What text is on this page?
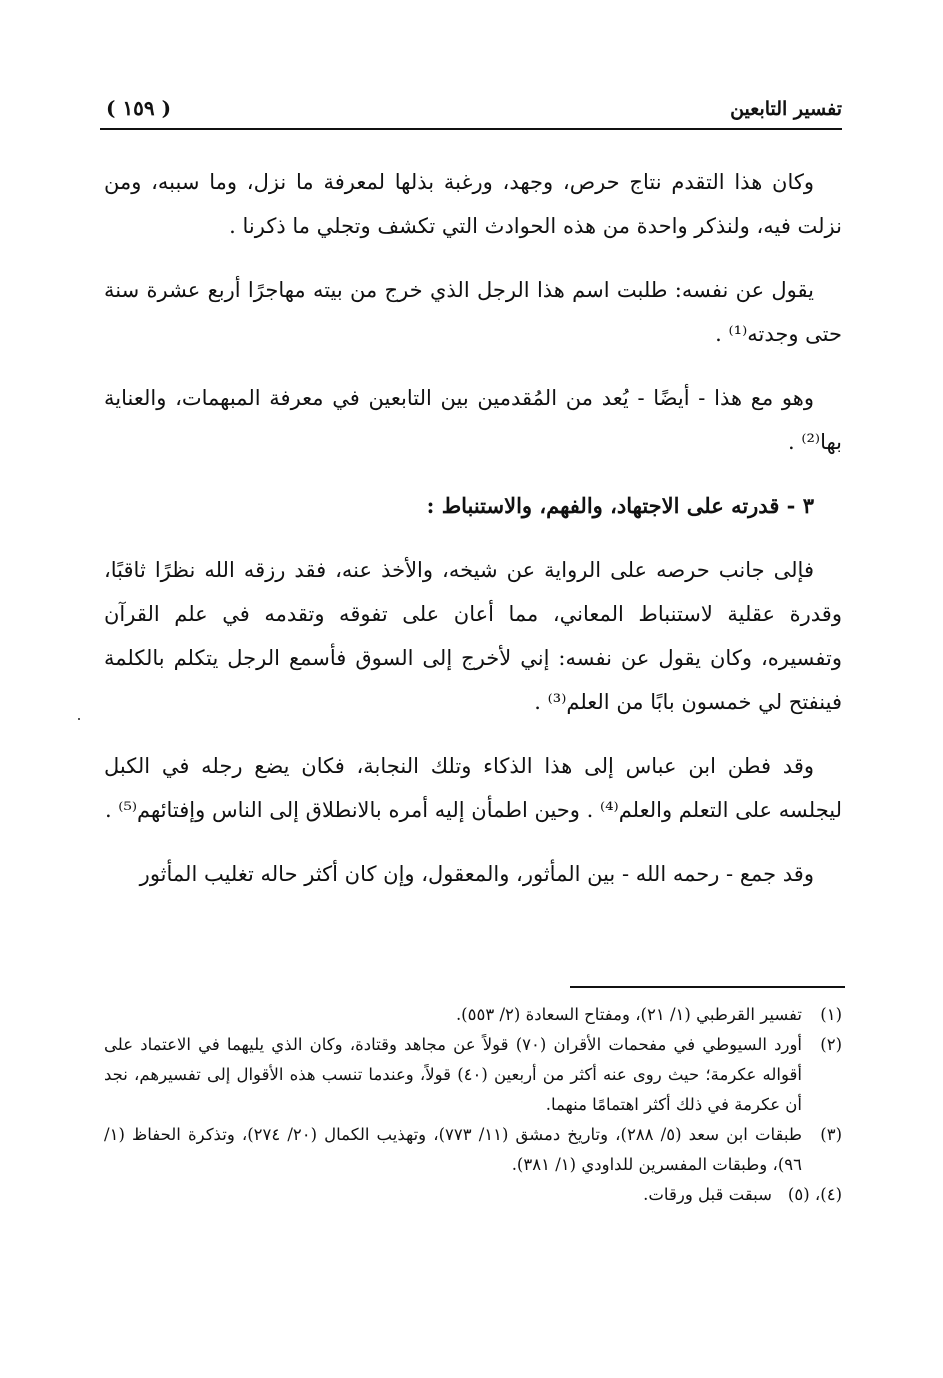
تفسير التابعين
( ١٥٩ )

وكان هذا التقدم نتاج حرص، وجهد، ورغبة بذلها لمعرفة ما نزل، وما سببه، ومن نزلت فيه، ولنذكر واحدة من هذه الحوادث التي تكشف وتجلي ما ذكرنا .

يقول عن نفسه: طلبت اسم هذا الرجل الذي خرج من بيته مهاجرًا أربع عشرة سنة حتى وجدته⁽¹⁾ .

وهو مع هذا - أيضًا - يُعد من المُقدمين بين التابعين في معرفة المبهمات، والعناية بها⁽²⁾ .

٣ - قدرته على الاجتهاد، والفهم، والاستنباط :

فإلى جانب حرصه على الرواية عن شيخه، والأخذ عنه، فقد رزقه الله نظرًا ثاقبًا، وقدرة عقلية لاستنباط المعاني، مما أعان على تفوقه وتقدمه في علم القرآن وتفسيره، وكان يقول عن نفسه: إني لأخرج إلى السوق فأسمع الرجل يتكلم بالكلمة فينفتح لي خمسون بابًا من العلم⁽³⁾ .

وقد فطن ابن عباس إلى هذا الذكاء وتلك النجابة، فكان يضع رجله في الكبل ليجلسه على التعلم والعلم⁽⁴⁾ . وحين اطمأن إليه أمره بالانطلاق إلى الناس وإفتائهم⁽⁵⁾ .

وقد جمع - رحمه الله - بين المأثور، والمعقول، وإن كان أكثر حاله تغليب المأثور

(١)
تفسير القرطبي (١/ ٢١)، ومفتاح السعادة (٢/ ٥٥٣).
(٢)
أورد السيوطي في مفحمات الأقران (٧٠) قولاً عن مجاهد وقتادة، وكان الذي يليهما في الاعتماد على أقواله عكرمة؛ حيث روى عنه أكثر من أربعين (٤٠) قولاً، وعندما تنسب هذه الأقوال إلى تفسيرهم، نجد أن عكرمة في ذلك أكثر اهتمامًا منهما.
(٣)
طبقات ابن سعد (٥/ ٢٨٨)، وتاريخ دمشق (١١/ ٧٧٣)، وتهذيب الكمال (٢٠/ ٢٧٤)، وتذكرة الحفاظ (١/ ٩٦)، وطبقات المفسرين للداودي (١/ ٣٨١).
(٤)، (٥)
سبقت قبل ورقات.
